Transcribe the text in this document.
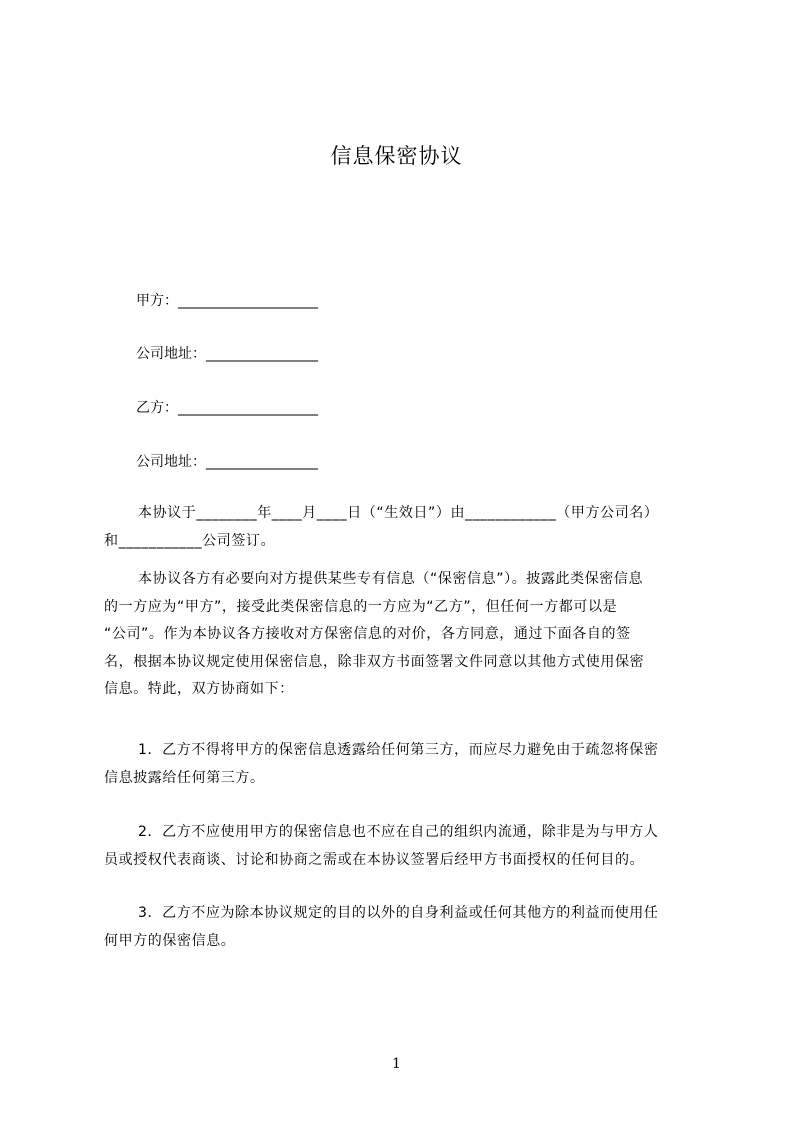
信息保密协议
甲方：____________________
公司地址：________________
乙方：____________________
公司地址：________________
本协议于________年____月____日（“生效日”）由____________（甲方公司名）
和___________公司签订。
本协议各方有必要向对方提供某些专有信息（“保密信息”）。披露此类保密信息
的一方应为“甲方”，接受此类保密信息的一方应为“乙方”，但任何一方都可以是
“公司”。作为本协议各方接收对方保密信息的对价，各方同意，通过下面各自的签
名，根据本协议规定使用保密信息，除非双方书面签署文件同意以其他方式使用保密
信息。特此，双方协商如下：
1．乙方不得将甲方的保密信息透露给任何第三方，而应尽力避免由于疏忽将保密
信息披露给任何第三方。
2．乙方不应使用甲方的保密信息也不应在自己的组织内流通，除非是为与甲方人
员或授权代表商谈、讨论和协商之需或在本协议签署后经甲方书面授权的任何目的。
3．乙方不应为除本协议规定的目的以外的自身利益或任何其他方的利益而使用任
何甲方的保密信息。
1
